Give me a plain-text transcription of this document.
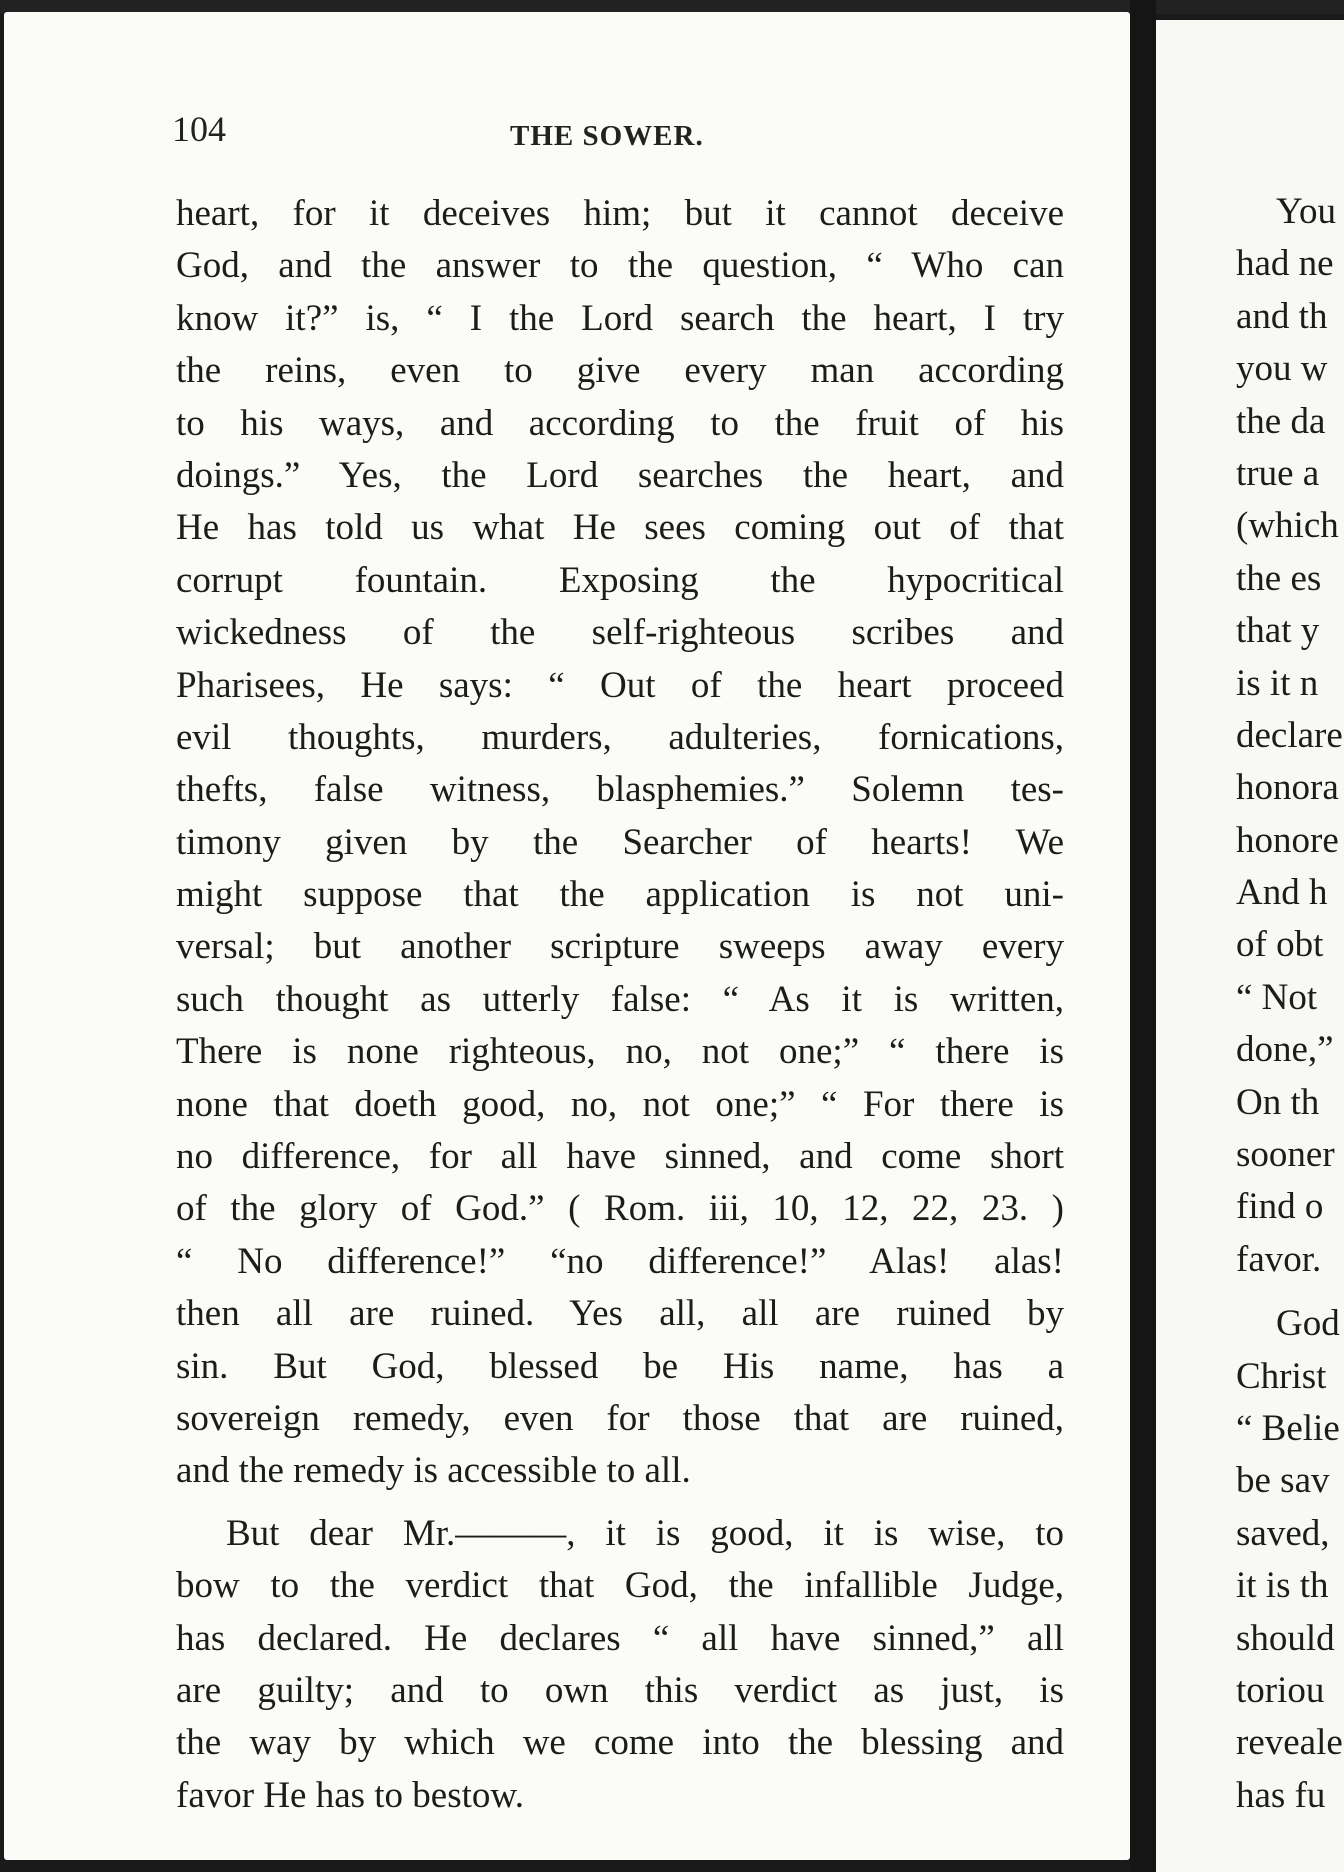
104	THE SOWER.
heart, for it deceives him; but it cannot deceive
God, and the answer to the question, “ Who can
know it?” is, “ I the Lord search the heart, I try
the reins, even to give every man according
to his ways, and according to the fruit of his
doings.” Yes, the Lord searches the heart, and
He has told us what He sees coming out of that
corrupt fountain. Exposing the hypocritical
wickedness of the self-righteous scribes and
Pharisees, He says: “ Out of the heart proceed
evil thoughts, murders, adulteries, fornications,
thefts, false witness, blasphemies.” Solemn tes-
timony given by the Searcher of hearts! We
might suppose that the application is not uni-
versal; but another scripture sweeps away every
such thought as utterly false: “ As it is written,
There is none righteous, no, not one;” “ there is
none that doeth good, no, not one;” “ For there is
no difference, for all have sinned, and come short
of the glory of God.” ( Rom. iii, 10, 12, 22, 23. )
“ No difference!” “no difference!” Alas! alas!
then all are ruined. Yes all, all are ruined by
sin. But God, blessed be His name, has a
sovereign remedy, even for those that are ruined,
and the remedy is accessible to all.
But dear Mr.———, it is good, it is wise, to
bow to the verdict that God, the infallible Judge,
has declared. He declares “ all have sinned,” all
are guilty; and to own this verdict as just, is
the way by which we come into the blessing and
favor He has to bestow.
You
had ne
and th
you w
the da
true a
(which
the es
that y
is it n
declare
honora
honore
And h
of obt
“ Not
done,”
On th
sooner
find o
favor.
God
Christ
“ Belie
be sav
saved,
it is th
should
toriou
reveale
has fu
